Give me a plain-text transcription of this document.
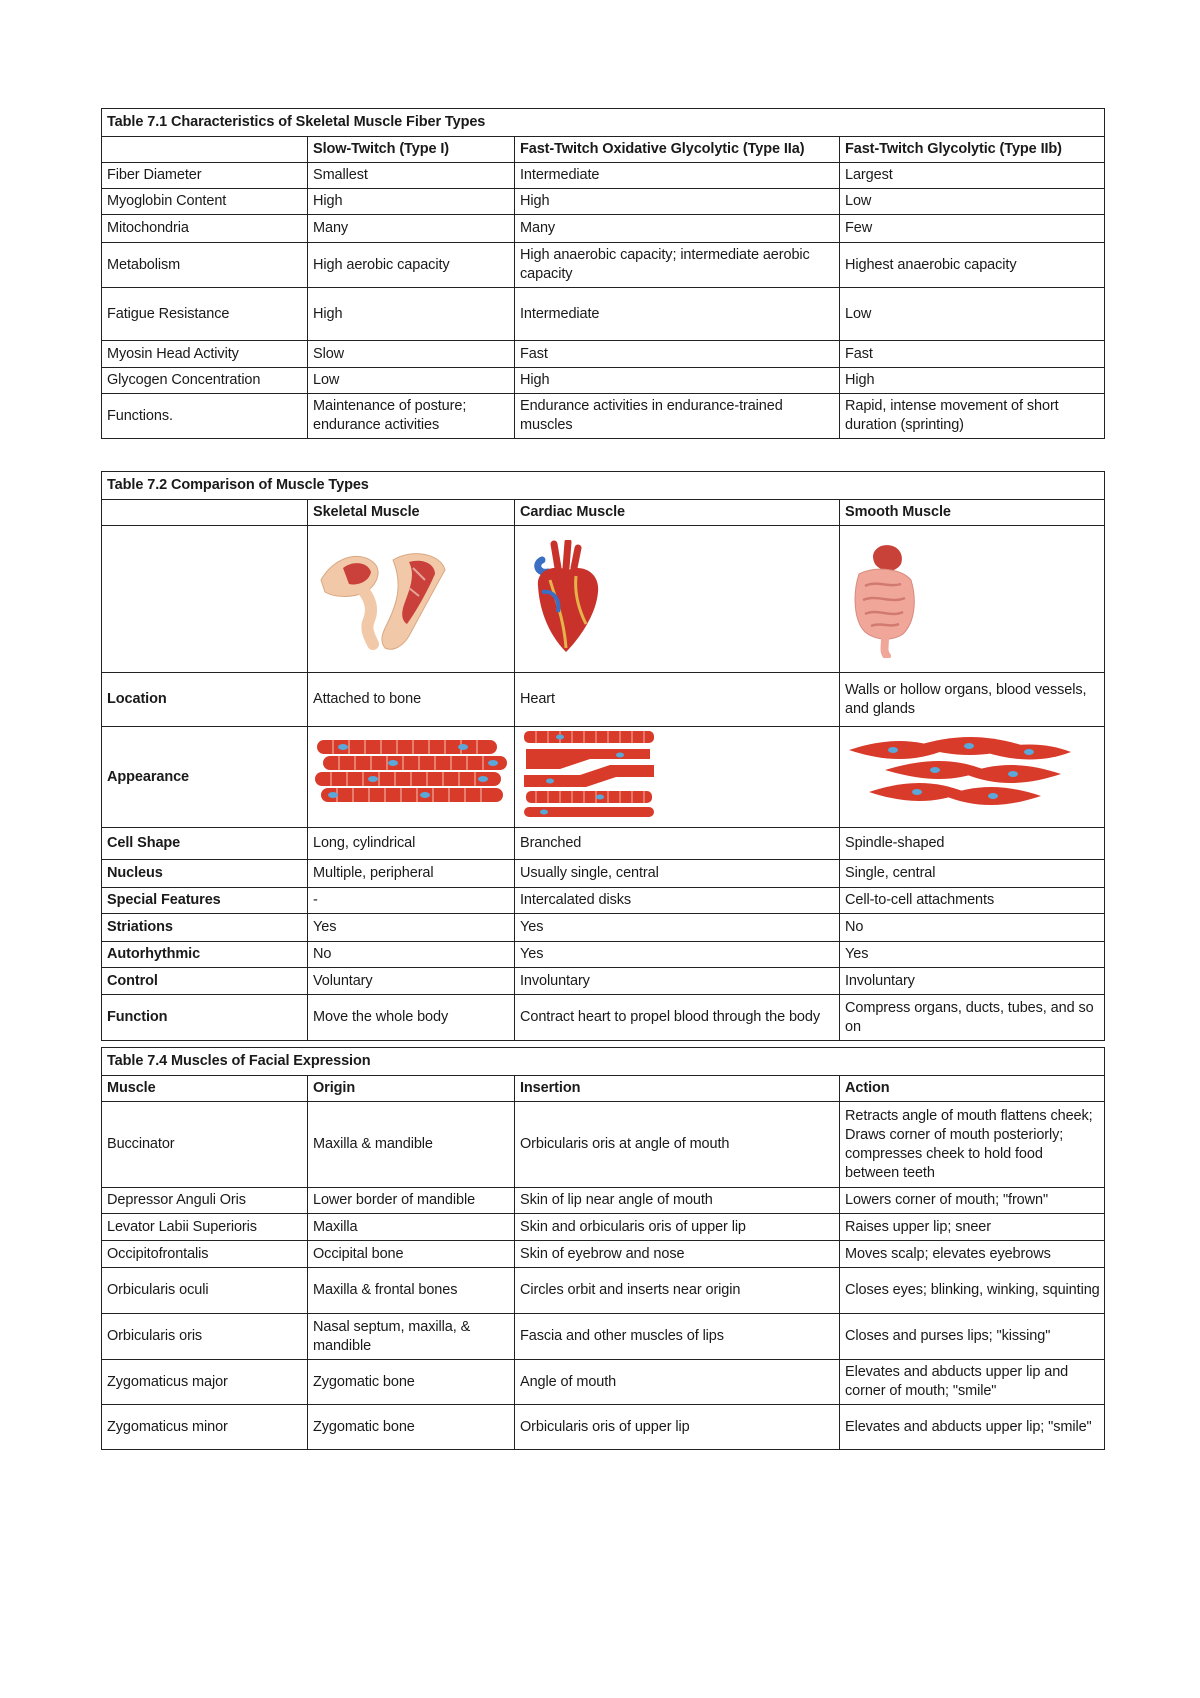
Table 7.1 Characteristics of Skeletal Muscle Fiber Types			
	Slow-Twitch (Type I)	Fast-Twitch Oxidative Glycolytic (Type IIa)	Fast-Twitch Glycolytic (Type IIb)
Fiber Diameter	Smallest	Intermediate	Largest
Myoglobin Content	High	High	Low
Mitochondria	Many	Many	Few
Metabolism	High aerobic capacity	High anaerobic capacity; intermediate aerobic capacity	Highest anaerobic capacity
Fatigue Resistance	High	Intermediate	Low
Myosin Head Activity	Slow	Fast	Fast
Glycogen Concentration	Low	High	High
Functions.	Maintenance of posture; endurance activities	Endurance activities in endurance-trained muscles	Rapid, intense movement of short duration (sprinting)
Table 7.2 Comparison of Muscle Types			
	Skeletal Muscle	Cardiac Muscle	Smooth Muscle

Location	Attached to bone	Heart	Walls or hollow organs, blood vessels, and glands
Appearance			
Cell Shape	Long, cylindrical	Branched	Spindle-shaped
Nucleus	Multiple, peripheral	Usually single, central	Single, central
Special Features	-	Intercalated disks	Cell-to-cell attachments
Striations	Yes	Yes	No
Autorhythmic	No	Yes	Yes
Control	Voluntary	Involuntary	Involuntary
Function	Move the whole body	Contract heart to propel blood through the body	Compress organs, ducts, tubes, and so on
Table 7.4 Muscles of Facial Expression			
Muscle	Origin	Insertion	Action
Buccinator	Maxilla & mandible	Orbicularis oris at angle of mouth	Retracts angle of mouth flattens cheek; Draws corner of mouth posteriorly; compresses cheek to hold food between teeth
Depressor Anguli Oris	Lower border of mandible	Skin of lip near angle of mouth	Lowers corner of mouth; "frown"
Levator Labii Superioris	Maxilla	Skin and orbicularis oris of upper lip	Raises upper lip; sneer
Occipitofrontalis	Occipital bone	Skin of eyebrow and nose	Moves scalp; elevates eyebrows
Orbicularis oculi	Maxilla & frontal bones	Circles orbit and inserts near origin	Closes eyes; blinking, winking, squinting
Orbicularis oris	Nasal septum, maxilla, & mandible	Fascia and other muscles of lips	Closes and purses lips; "kissing"
Zygomaticus major	Zygomatic bone	Angle of mouth	Elevates and abducts upper lip and corner of mouth; "smile"
Zygomaticus minor	Zygomatic bone	Orbicularis oris of upper lip	Elevates and abducts upper lip; "smile"
